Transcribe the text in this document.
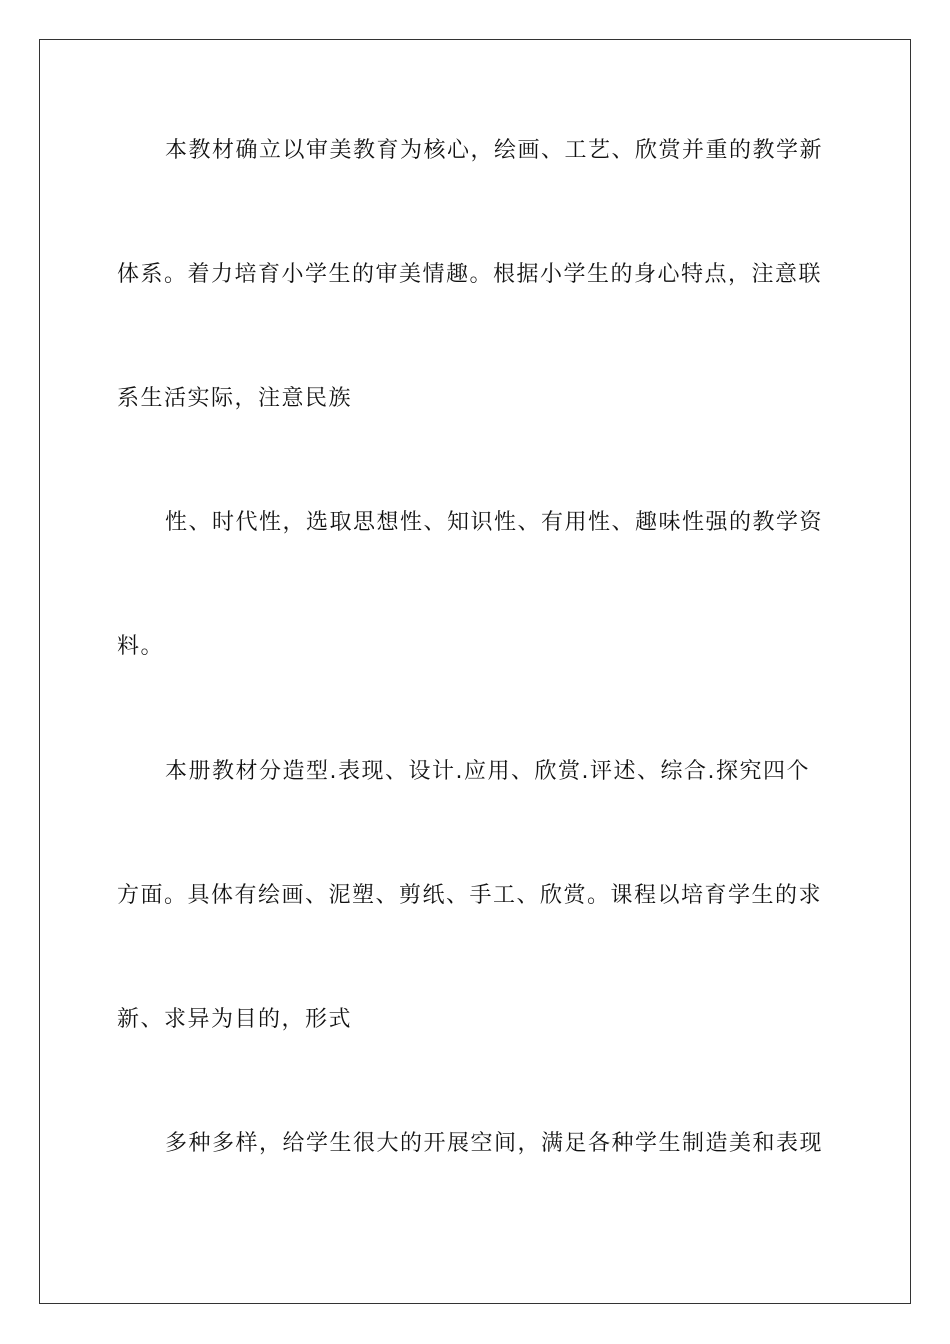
本教材确立以审美教育为核心，绘画、工艺、欣赏并重的教学新
体系。着力培育小学生的审美情趣。根据小学生的身心特点，注意联
系生活实际，注意民族
性、时代性，选取思想性、知识性、有用性、趣味性强的教学资
料。
本册教材分造型.表现、设计.应用、欣赏.评述、综合.探究四个
方面。具体有绘画、泥塑、剪纸、手工、欣赏。课程以培育学生的求
新、求异为目的，形式
多种多样，给学生很大的开展空间，满足各种学生制造美和表现
